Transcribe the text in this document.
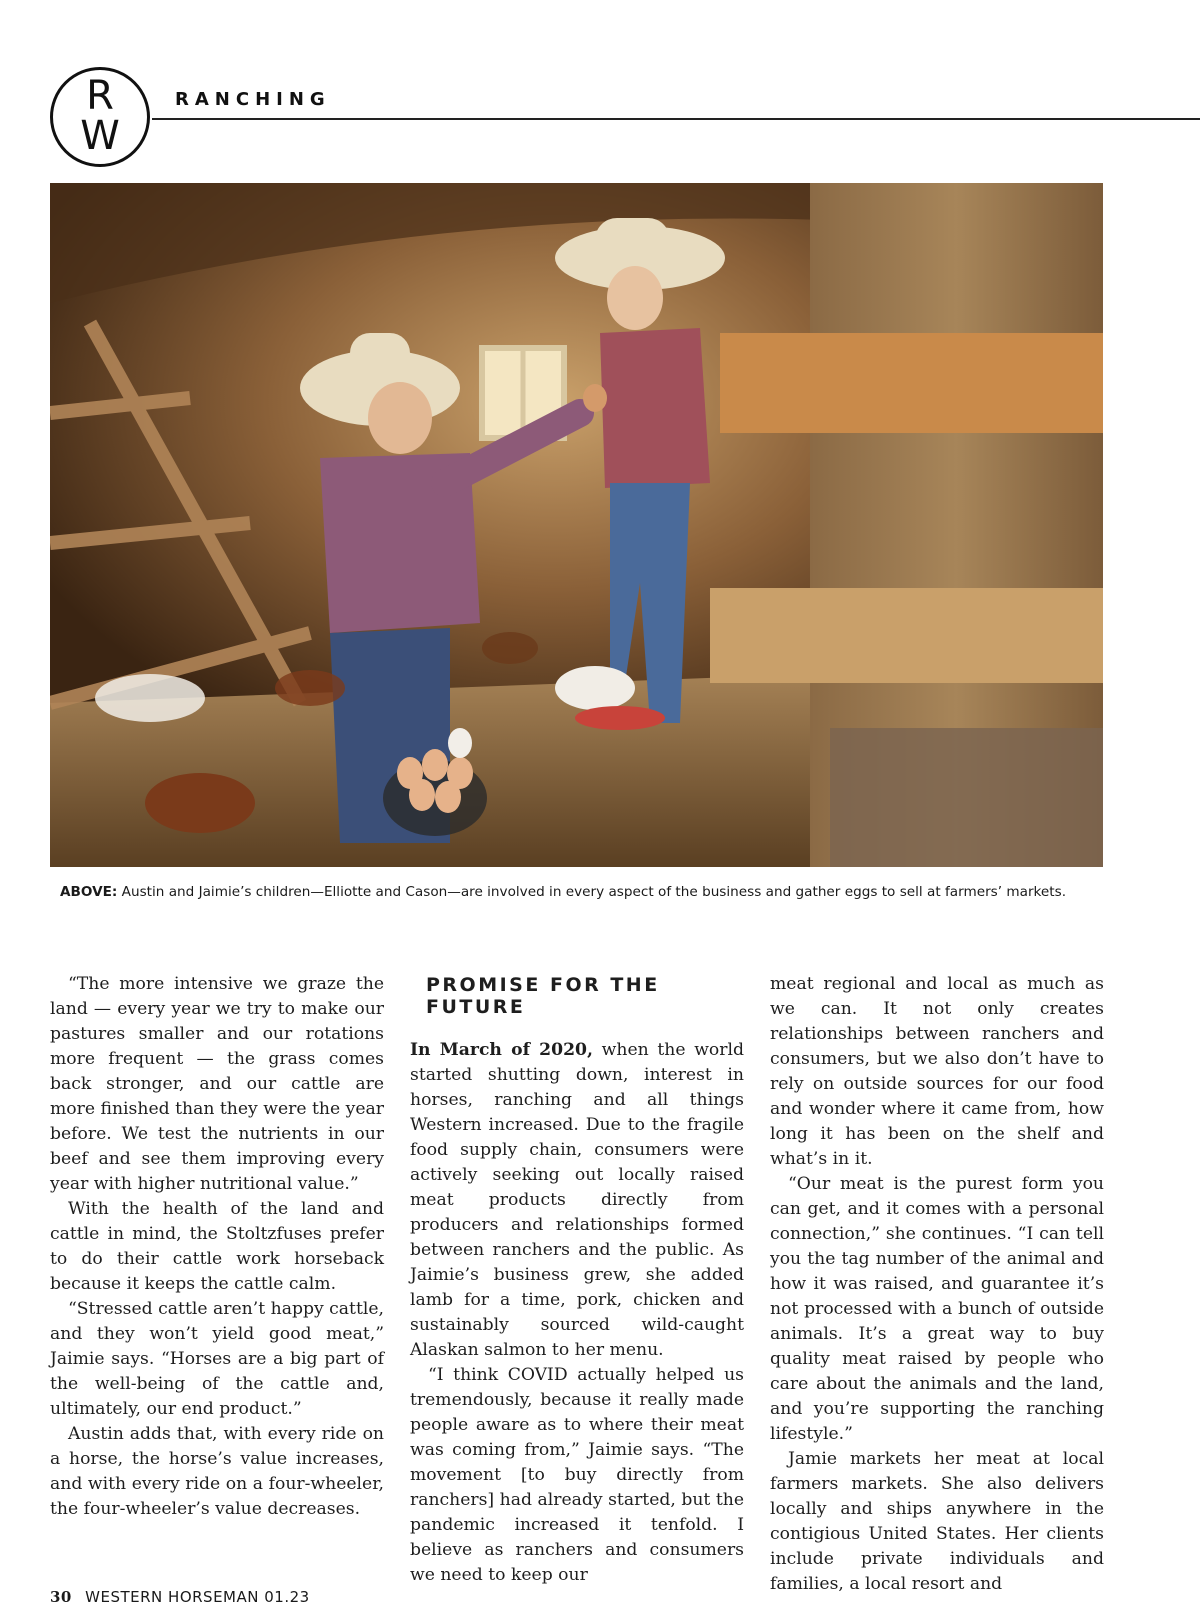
R
W
RANCHING
ABOVE: Austin and Jaimie’s children—Elliotte and Cason—are involved in every aspect of the business and gather eggs to sell at farmers’ markets.

“The more intensive we graze the land — every year we try to make our pastures smaller and our rotations more frequent — the grass comes back stronger, and our cattle are more finished than they were the year before. We test the nutrients in our beef and see them improving every year with higher nutritional value.”

With the health of the land and cattle in mind, the Stoltzfuses prefer to do their cattle work horseback because it keeps the cattle calm.

“Stressed cattle aren’t happy cattle, and they won’t yield good meat,” Jaimie says. “Horses are a big part of the well-being of the cattle and, ultimately, our end product.”

Austin adds that, with every ride on a horse, the horse’s value increases, and with every ride on a four-wheeler, the four-wheeler’s value decreases.

PROMISE FOR THE FUTURE

In March of 2020, when the world started shutting down, interest in horses, ranching and all things Western increased. Due to the fragile food supply chain, consumers were actively seeking out locally raised meat products directly from producers and relationships formed between ranchers and the public. As Jaimie’s business grew, she added lamb for a time, pork, chicken and sustainably sourced wild-caught Alaskan salmon to her menu.

“I think COVID actually helped us tremendously, because it really made people aware as to where their meat was coming from,” Jaimie says. “The movement [to buy directly from ranchers] had already started, but the pandemic increased it tenfold. I believe as ranchers and consumers we need to keep our

meat regional and local as much as we can. It not only creates relationships between ranchers and consumers, but we also don’t have to rely on outside sources for our food and wonder where it came from, how long it has been on the shelf and what’s in it.

“Our meat is the purest form you can get, and it comes with a personal connection,” she continues. “I can tell you the tag number of the animal and how it was raised, and guarantee it’s not processed with a bunch of outside animals. It’s a great way to buy quality meat raised by people who care about the animals and the land, and you’re supporting the ranching lifestyle.”

Jamie markets her meat at local farmers markets. She also delivers locally and ships anywhere in the contigious United States. Her clients include private individuals and families, a local resort and

30 WESTERN HORSEMAN 01.23
